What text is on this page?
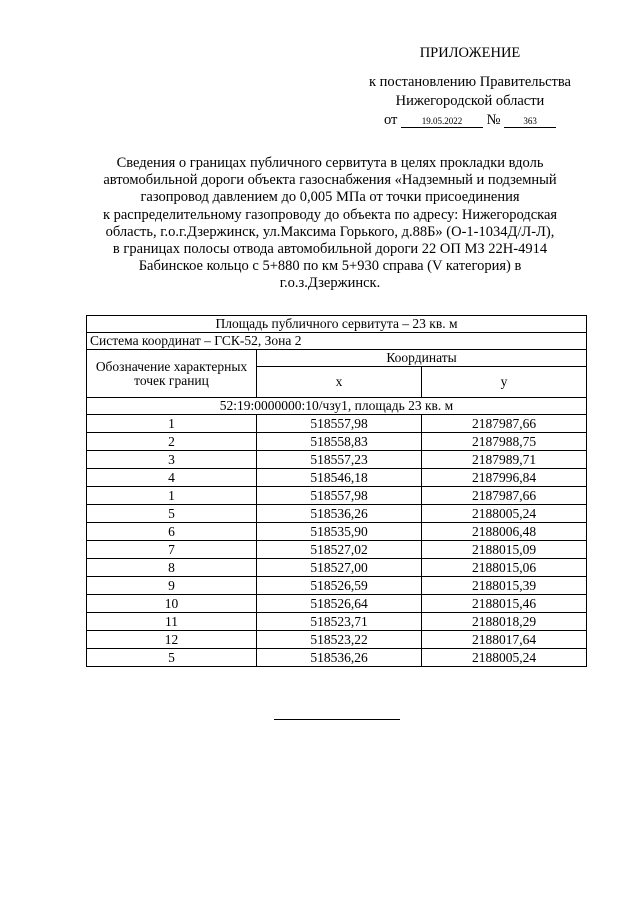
ПРИЛОЖЕНИЕ
к постановлению Правительства
Нижегородской области
от	19.05.2022 №	363
Сведения о границах публичного сервитута в целях прокладки вдоль
автомобильной дороги объекта газоснабжения «Надземный и подземный
газопровод давлением до 0,005 МПа от точки присоединения
к распределительному газопроводу до объекта по адресу: Нижегородская
область, г.о.г.Дзержинск, ул.Максима Горького, д.88Б» (О-1-1034Д/Л-Л),
в границах полосы отвода автомобильной дороги 22 ОП МЗ 22Н-4914
Бабинское кольцо с 5+880 по км 5+930 справа (V категория) в
г.о.з.Дзержинск.
Площадь публичного сервитута – 23 кв. м		
Система координат – ГСК-52, Зона 2		
Обозначение характерных точек границ	Координаты	
	x	y
52:19:0000000:10/чзу1, площадь 23 кв. м		
1	518557,98	2187987,66
2	518558,83	2187988,75
3	518557,23	2187989,71
4	518546,18	2187996,84
1	518557,98	2187987,66
5	518536,26	2188005,24
6	518535,90	2188006,48
7	518527,02	2188015,09
8	518527,00	2188015,06
9	518526,59	2188015,39
10	518526,64	2188015,46
11	518523,71	2188018,29
12	518523,22	2188017,64
5	518536,26	2188005,24
